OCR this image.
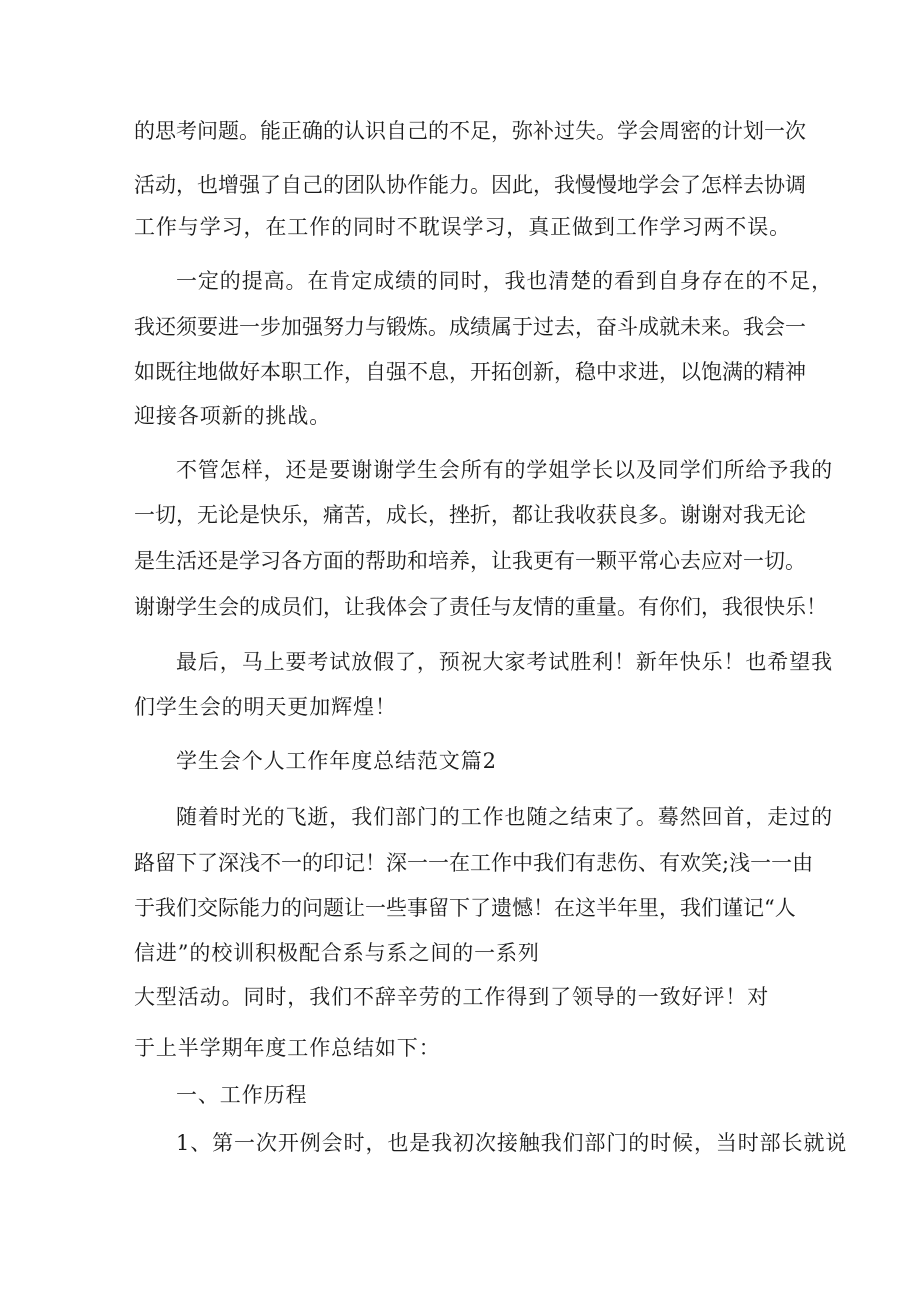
的思考问题。能正确的认识自己的不足，弥补过失。学会周密的计划一次
活动，也增强了自己的团队协作能力。因此，我慢慢地学会了怎样去协调
工作与学习，在工作的同时不耽误学习，真正做到工作学习两不误。
一定的提高。在肯定成绩的同时，我也清楚的看到自身存在的不足，
我还须要进一步加强努力与锻炼。成绩属于过去，奋斗成就未来。我会一
如既往地做好本职工作，自强不息，开拓创新，稳中求进，以饱满的精神
迎接各项新的挑战。
不管怎样，还是要谢谢学生会所有的学姐学长以及同学们所给予我的
一切，无论是快乐，痛苦，成长，挫折，都让我收获良多。谢谢对我无论
是生活还是学习各方面的帮助和培养，让我更有一颗平常心去应对一切。
谢谢学生会的成员们，让我体会了责任与友情的重量。有你们，我很快乐！
最后，马上要考试放假了，预祝大家考试胜利！新年快乐！也希望我
们学生会的明天更加辉煌！
学生会个人工作年度总结范文篇2
随着时光的飞逝，我们部门的工作也随之结束了。蓦然回首，走过的
路留下了深浅不一的印记！深一一在工作中我们有悲伤、有欢笑;浅一一由
于我们交际能力的问题让一些事留下了遗憾！在这半年里，我们谨记“人
信进”的校训积极配合系与系之间的一系列
大型活动。同时，我们不辞辛劳的工作得到了领导的一致好评！对
于上半学期年度工作总结如下：
一、工作历程
1、第一次开例会时，也是我初次接触我们部门的时候，当时部长就说
